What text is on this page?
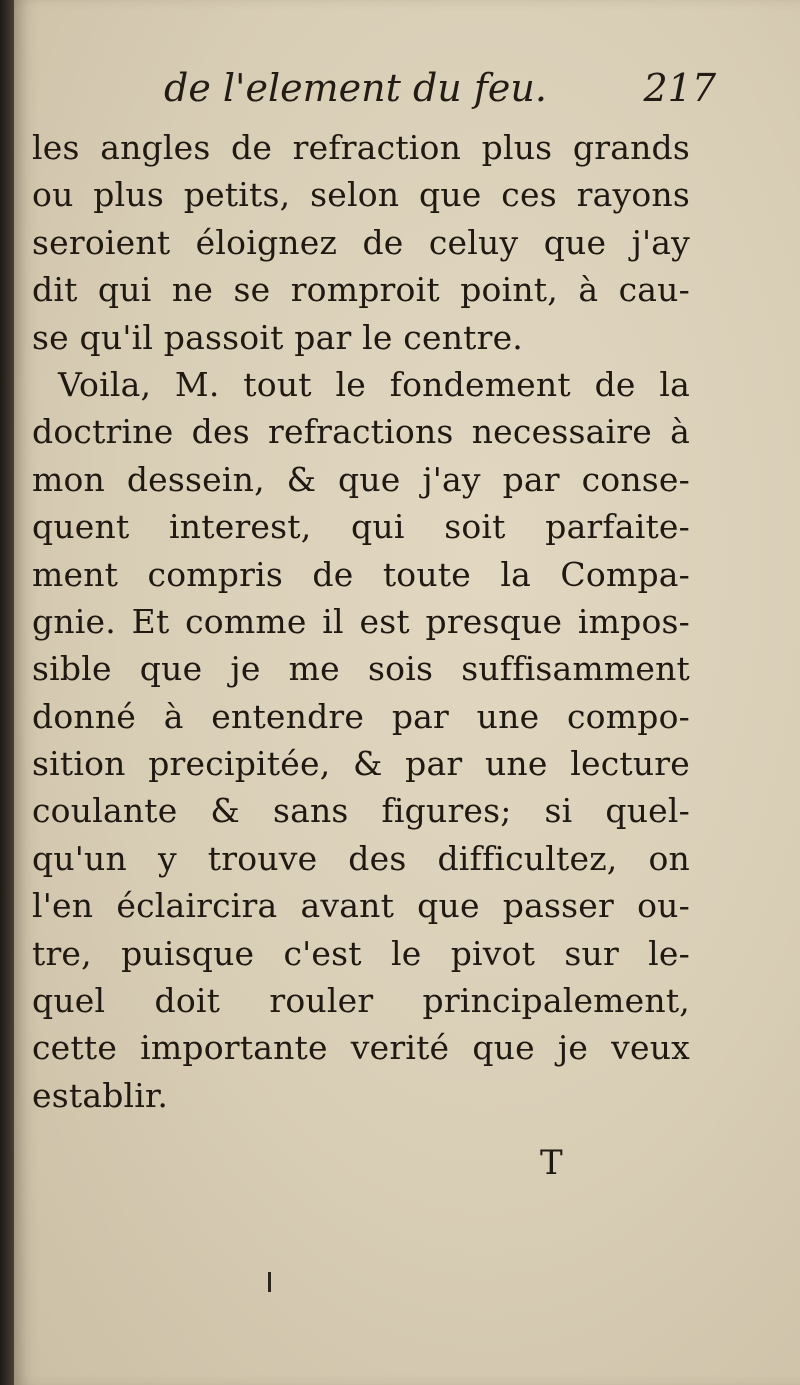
de l'element du feu.	217
les angles de refraction plus grands
ou plus petits, selon que ces rayons
seroient éloignez de celuy que j'ay
dit qui ne se romproit point, à cau-
se qu'il passoit par le centre.
Voila, M. tout le fondement de la
doctrine des refractions necessaire à
mon dessein, & que j'ay par conse-
quent interest, qui soit parfaite-
ment compris de toute la Compa-
gnie. Et comme il est presque impos-
sible que je me sois suffisamment
donné à entendre par une compo-
sition precipitée, & par une lecture
coulante & sans figures; si quel-
qu'un y trouve des difficultez, on
l'en éclaircira avant que passer ou-
tre, puisque c'est le pivot sur le-
quel doit rouler principalement,
cette importante verité que je veux
establir.
T
